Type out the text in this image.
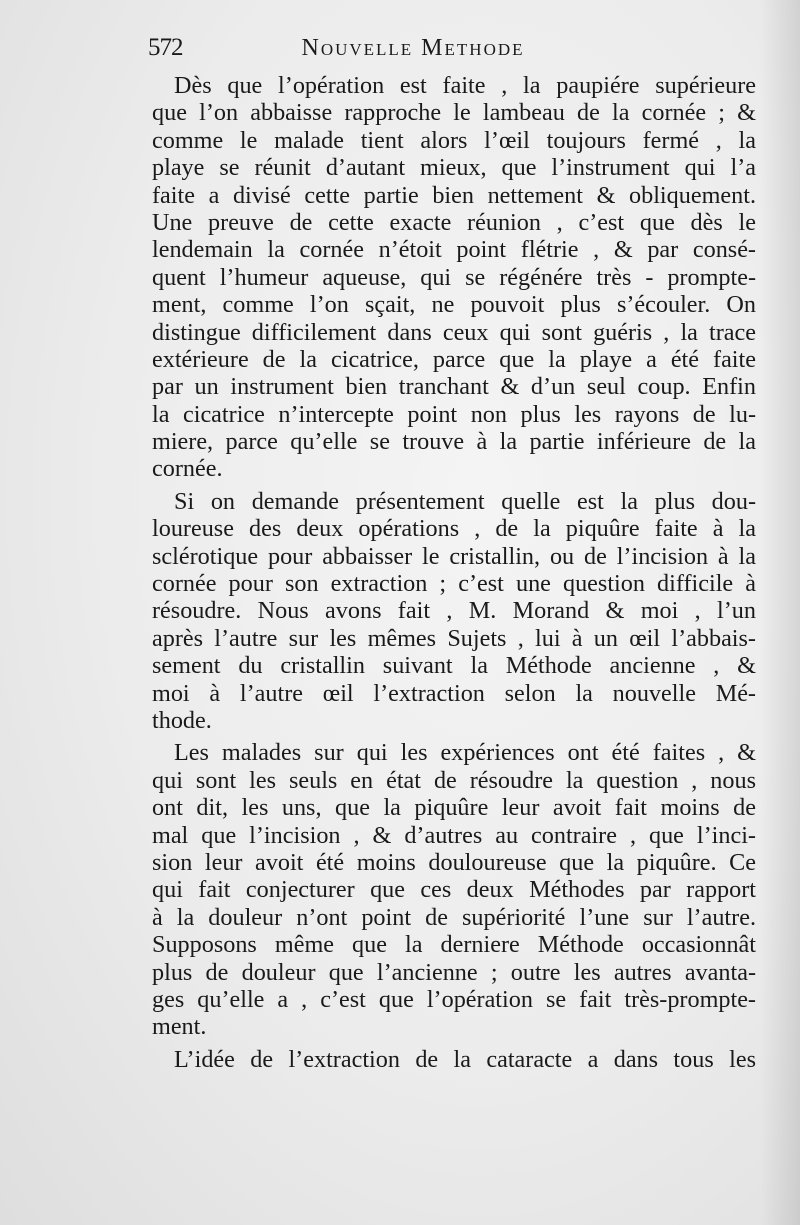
572	Nouvelle Methode
Dès que l’opération est faite , la paupiére supérieure
que l’on abbaisse rapproche le lambeau de la cornée ; &
comme le malade tient alors l’œil toujours fermé , la
playe se réunit d’autant mieux, que l’instrument qui l’a
faite a divisé cette partie bien nettement & obliquement.
Une preuve de cette exacte réunion , c’est que dès le
lendemain la cornée n’étoit point flétrie , & par consé-
quent l’humeur aqueuse, qui se régénére très - prompte-
ment, comme l’on sçait, ne pouvoit plus s’écouler. On
distingue difficilement dans ceux qui sont guéris , la trace
extérieure de la cicatrice, parce que la playe a été faite
par un instrument bien tranchant & d’un seul coup. Enfin
la cicatrice n’intercepte point non plus les rayons de lu-
miere, parce qu’elle se trouve à la partie inférieure de la
cornée.
Si on demande présentement quelle est la plus dou-
loureuse des deux opérations , de la piquûre faite à la
sclérotique pour abbaisser le cristallin, ou de l’incision à la
cornée pour son extraction ; c’est une question difficile à
résoudre. Nous avons fait , M. Morand & moi , l’un
après l’autre sur les mêmes Sujets , lui à un œil l’abbais-
sement du cristallin suivant la Méthode ancienne , &
moi à l’autre œil l’extraction selon la nouvelle Mé-
thode.
Les malades sur qui les expériences ont été faites , &
qui sont les seuls en état de résoudre la question , nous
ont dit, les uns, que la piquûre leur avoit fait moins de
mal que l’incision , & d’autres au contraire , que l’inci-
sion leur avoit été moins douloureuse que la piquûre. Ce
qui fait conjecturer que ces deux Méthodes par rapport
à la douleur n’ont point de supériorité l’une sur l’autre.
Supposons même que la derniere Méthode occasionnât
plus de douleur que l’ancienne ; outre les autres avanta-
ges qu’elle a , c’est que l’opération se fait très-prompte-
ment.
L’idée de l’extraction de la cataracte a dans tous les
